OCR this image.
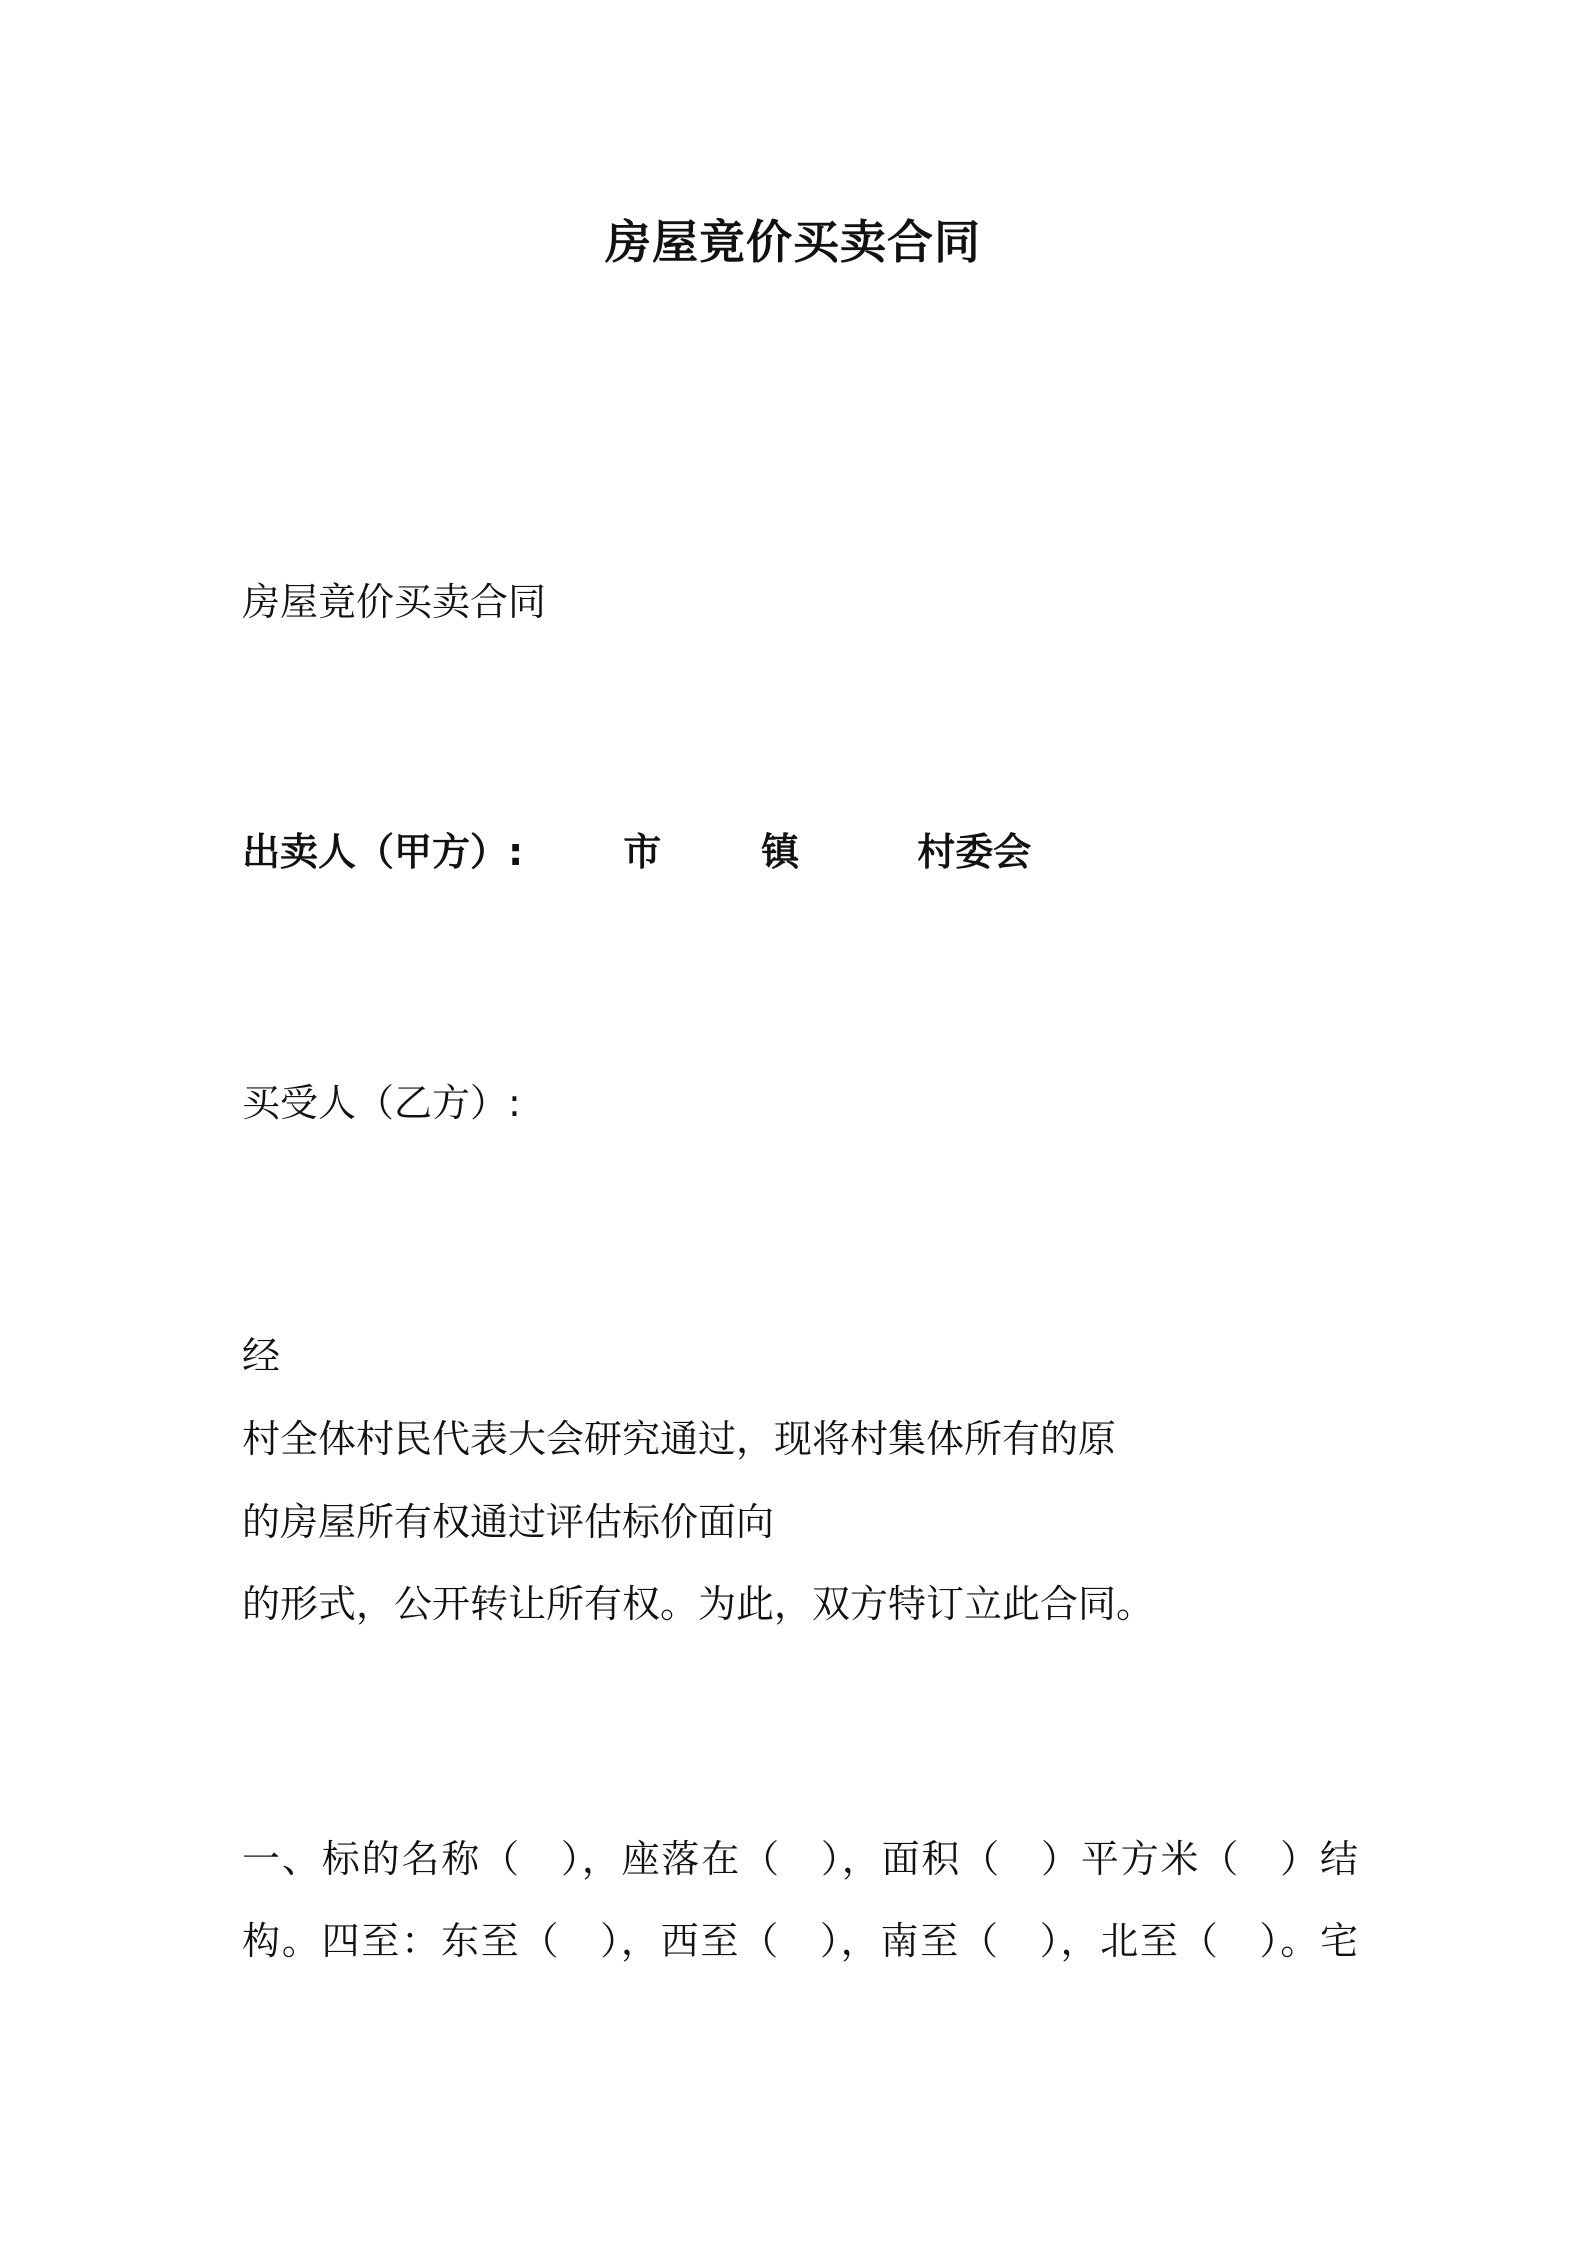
房屋竟价买卖合同
房屋竟价买卖合同
出卖人（甲方）:	市	镇	村委会
买受人（乙方）:
经
村全体村民代表大会研究通过，现将村集体所有的原
的房屋所有权通过评估标价面向
的形式，公开转让所有权。为此，双方特订立此合同。
一、标的名称（　），座落在（　），面积（　）平方米（　）结
构。四至：东至（　），西至（　），南至（　），北至（　）。宅
